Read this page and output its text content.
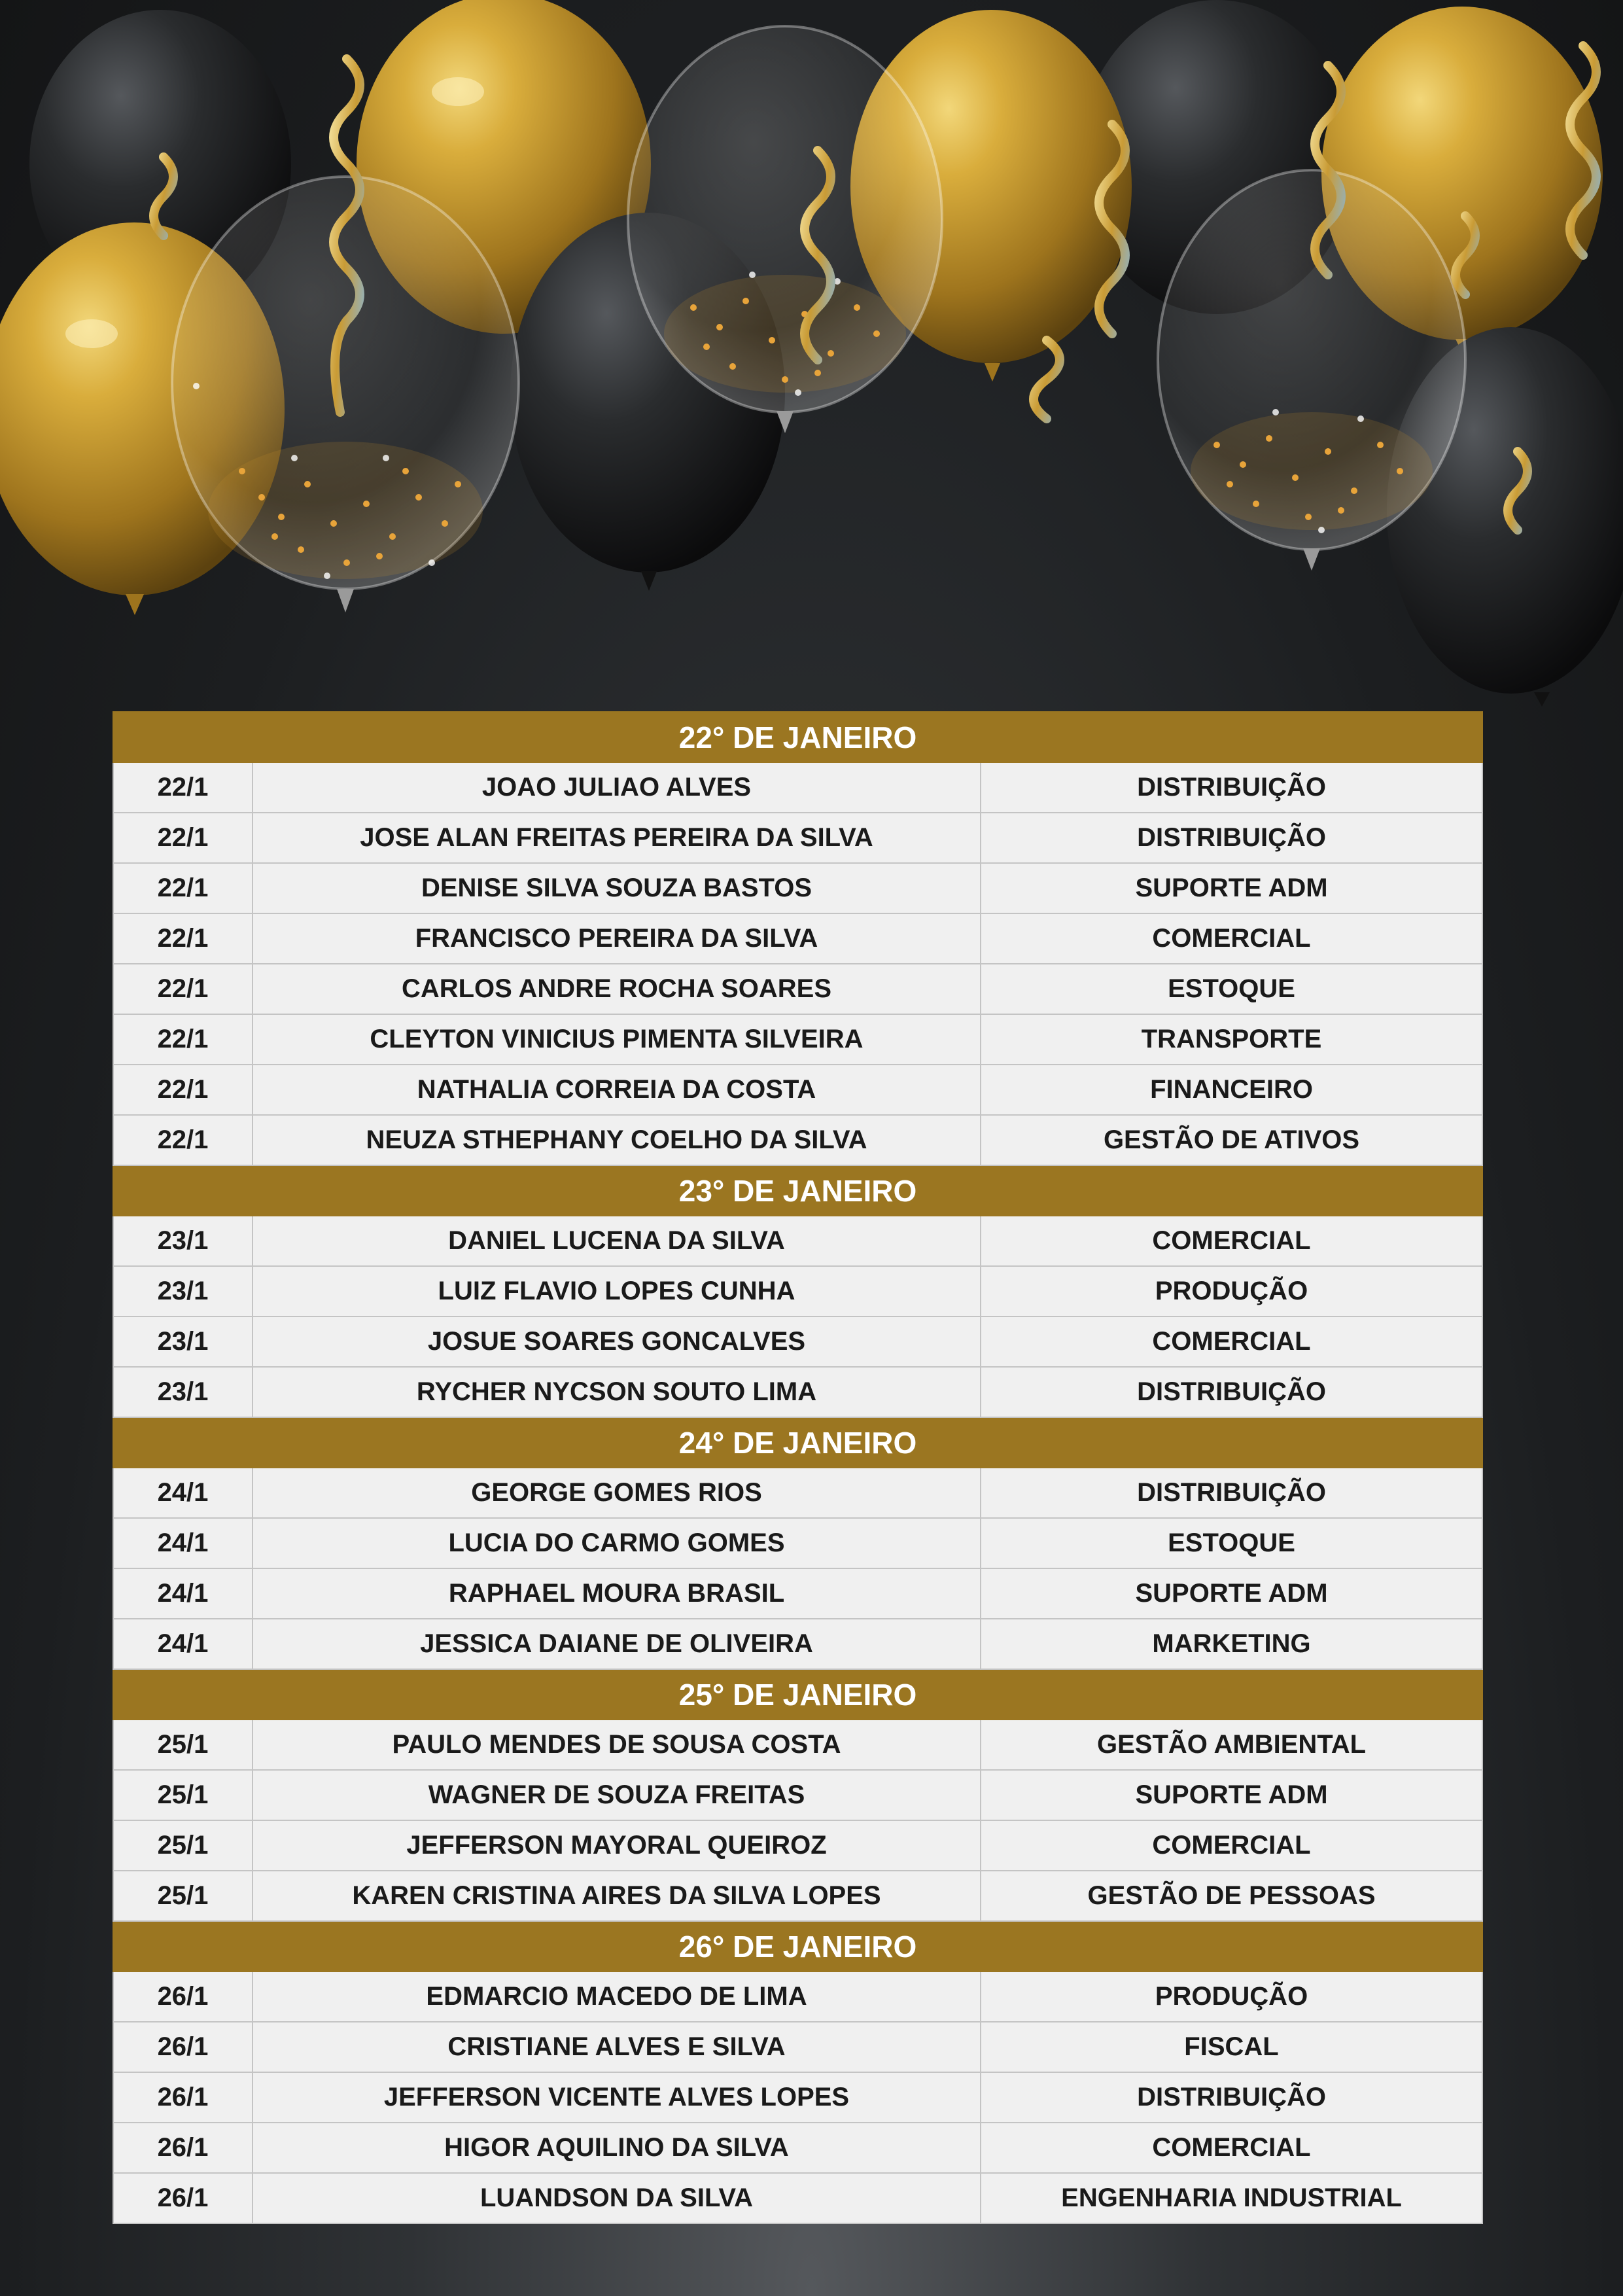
22° DE JANEIRO		
22/1	JOAO JULIAO ALVES	DISTRIBUIÇÃO
22/1	JOSE ALAN FREITAS PEREIRA DA SILVA	DISTRIBUIÇÃO
22/1	DENISE SILVA SOUZA BASTOS	SUPORTE ADM
22/1	FRANCISCO PEREIRA DA SILVA	COMERCIAL
22/1	CARLOS ANDRE ROCHA SOARES	ESTOQUE
22/1	CLEYTON VINICIUS PIMENTA SILVEIRA	TRANSPORTE
22/1	NATHALIA CORREIA DA COSTA	FINANCEIRO
22/1	NEUZA STHEPHANY COELHO DA SILVA	GESTÃO DE ATIVOS
23° DE JANEIRO		
23/1	DANIEL LUCENA DA SILVA	COMERCIAL
23/1	LUIZ FLAVIO LOPES CUNHA	PRODUÇÃO
23/1	JOSUE SOARES GONCALVES	COMERCIAL
23/1	RYCHER NYCSON SOUTO LIMA	DISTRIBUIÇÃO
24° DE JANEIRO		
24/1	GEORGE GOMES RIOS	DISTRIBUIÇÃO
24/1	LUCIA DO CARMO GOMES	ESTOQUE
24/1	RAPHAEL MOURA BRASIL	SUPORTE ADM
24/1	JESSICA DAIANE DE OLIVEIRA	MARKETING
25° DE JANEIRO		
25/1	PAULO MENDES DE SOUSA COSTA	GESTÃO AMBIENTAL
25/1	WAGNER DE SOUZA FREITAS	SUPORTE ADM
25/1	JEFFERSON MAYORAL QUEIROZ	COMERCIAL
25/1	KAREN CRISTINA AIRES DA SILVA LOPES	GESTÃO DE PESSOAS
26° DE JANEIRO		
26/1	EDMARCIO MACEDO DE LIMA	PRODUÇÃO
26/1	CRISTIANE ALVES E SILVA	FISCAL
26/1	JEFFERSON VICENTE ALVES LOPES	DISTRIBUIÇÃO
26/1	HIGOR AQUILINO DA SILVA	COMERCIAL
26/1	LUANDSON DA SILVA	ENGENHARIA INDUSTRIAL
